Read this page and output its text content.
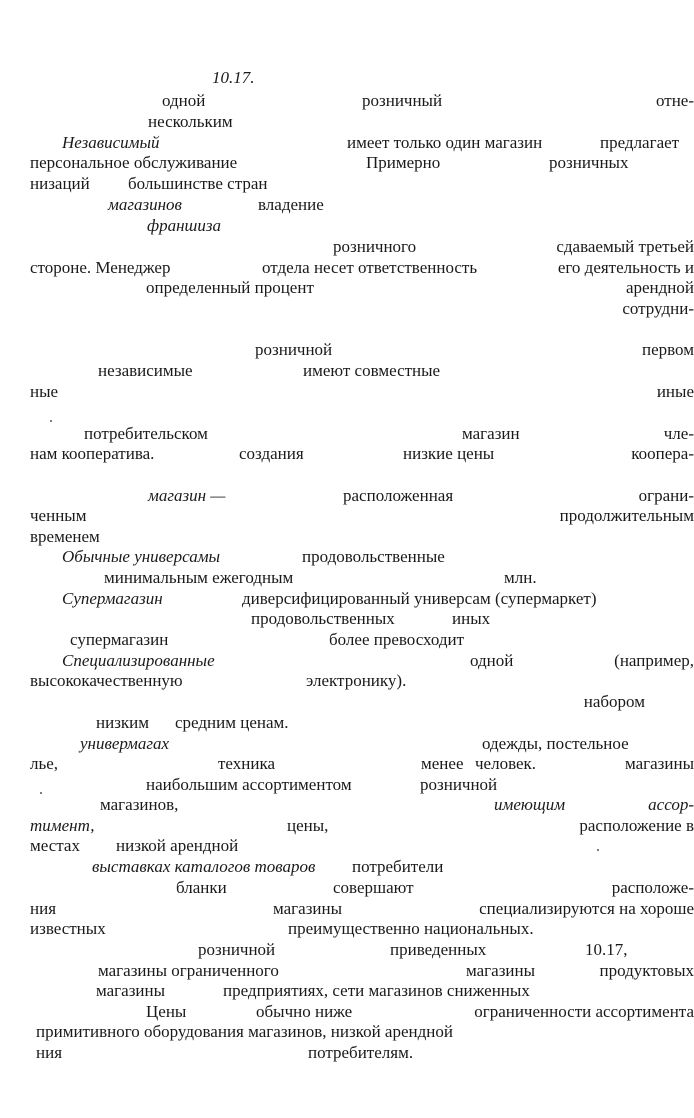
10.17.
одной	розничный	отне-
нескольким
Независимый	имеет только один магазин	предлагает
персональное обслуживание	Примерно	розничных
низаций большинстве стран
магазинов	владение
франшиза
розничного	сдаваемый третьей
стороне. Менеджер	отдела несет ответственность	его деятельность и
определенный процент	арендной
сотрудни-
розничной	первом
независимые	имеют совместные
ные	иные
потребительском	магазин	чле-
нам кооператива.	создания	низкие цены	коопера-
магазин —	расположенная	ограни-
ченным	продолжительным
временем
Обычные универсамы	продовольственные
минимальным ежегодным	млн.
Супермагазин	диверсифицированный универсам (супермаркет)
продовольственных	иных
супермагазин	более превосходит
Специализированные	одной	(например,
высококачественную	электронику).
набором
низким средним ценам.
универмагах	одежды, постельное
лье,	техника	менее человек.	магазины
наибольшим ассортиментом	розничной
магазинов,	имеющим	ассор-
тимент,	цены,	расположение в
местах низкой арендной
выставках каталогов товаров потребители
бланки	совершают	расположе-
ния	магазины	специализируются на хороше
известных	преимущественно национальных.
розничной	приведенных	10.17,
магазины ограниченного	магазины	продуктовых
магазины	предприятиях, сети магазинов сниженных
Цены	обычно ниже	ограниченности ассортимента
примитивного оборудования магазинов, низкой арендной
ния	потребителям.
